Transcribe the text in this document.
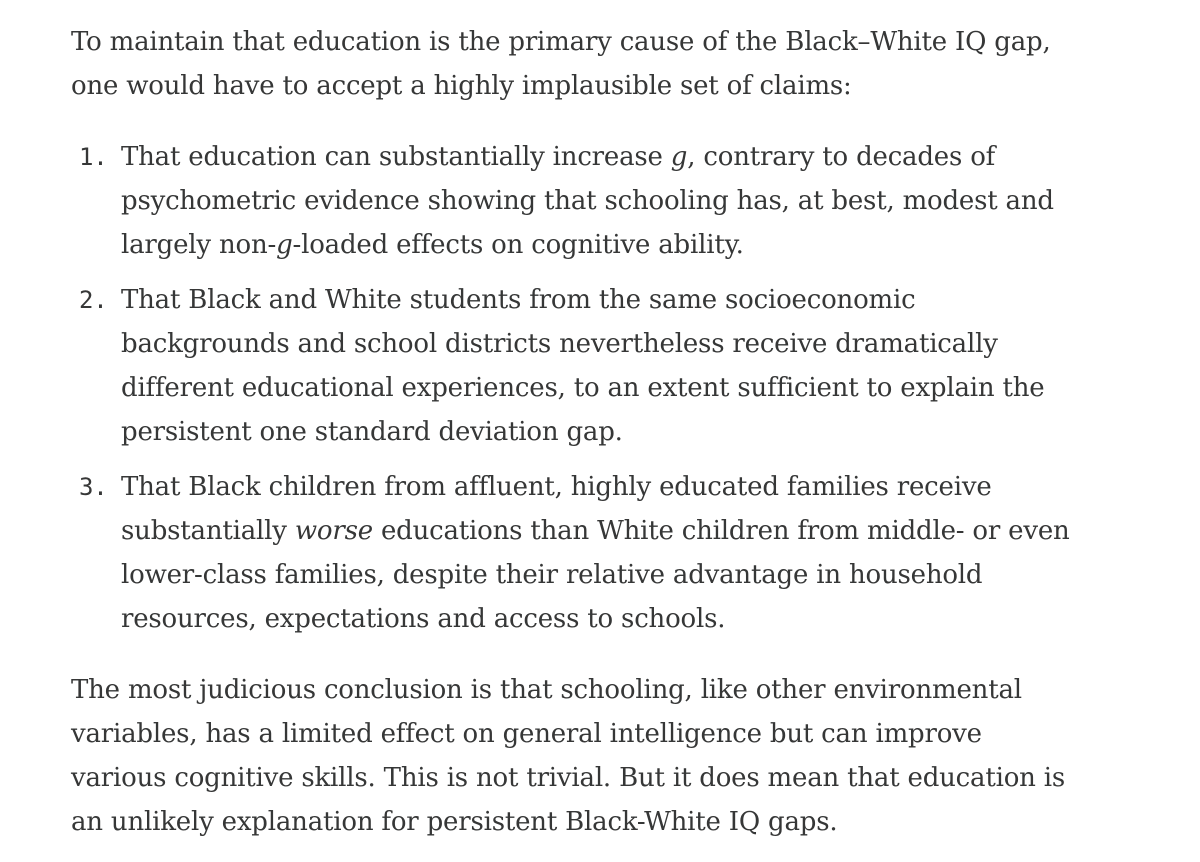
To maintain that education is the primary cause of the Black–White IQ gap,
one would have to accept a highly implausible set of claims:

1. That education can substantially increase g, contrary to decades of psychometric evidence showing that schooling has, at best, modest and largely non-g-loaded effects on cognitive ability.
2. That Black and White students from the same socioeconomic backgrounds and school districts nevertheless receive dramatically different educational experiences, to an extent sufficient to explain the persistent one standard deviation gap.
3. That Black children from affluent, highly educated families receive substantially worse educations than White children from middle- or even lower-class families, despite their relative advantage in household resources, expectations and access to schools.

The most judicious conclusion is that schooling, like other environmental variables, has a limited effect on general intelligence but can improve various cognitive skills. This is not trivial. But it does mean that education is an unlikely explanation for persistent Black-White IQ gaps.
